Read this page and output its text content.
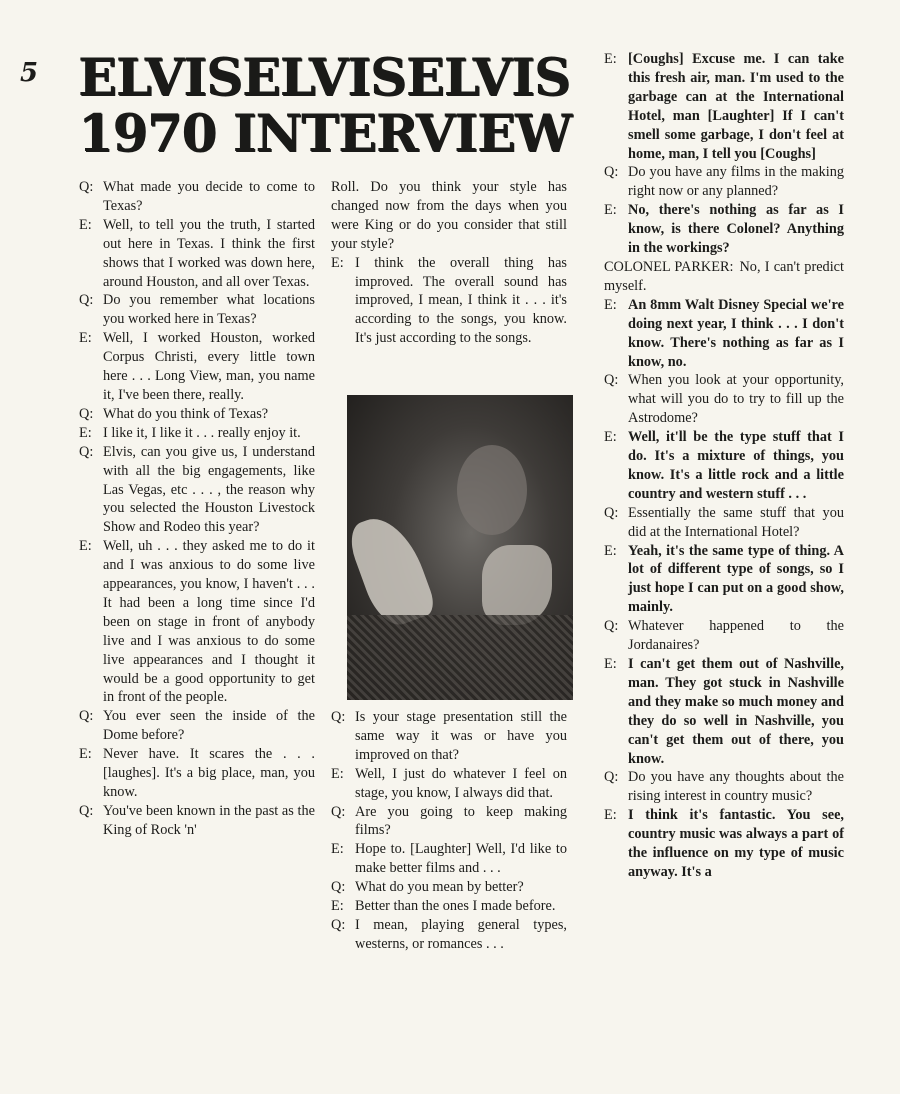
5 ELVISELVISELVIS
1970 INTERVIEW

Q: What made you decide to come to Texas?

E: Well, to tell you the truth, I started out here in Texas. I think the first shows that I worked was down here, around Houston, and all over Texas.

Q: Do you remember what locations you worked here in Texas?

E: Well, I worked Houston, worked Corpus Christi, every little town here . . . Long View, man, you name it, I've been there, really.

Q: What do you think of Texas?

E: I like it, I like it . . . really enjoy it.

Q: Elvis, can you give us, I understand with all the big engagements, like Las Vegas, etc . . . , the reason why you selected the Houston Livestock Show and Rodeo this year?

E: Well, uh . . . they asked me to do it and I was anxious to do some live appearances, you know, I haven't . . . It had been a long time since I'd been on stage in front of anybody live and I was anxious to do some live appearances and I thought it would be a good opportunity to get in front of the people.

Q: You ever seen the inside of the Dome before?

E: Never have. It scares the . . . [laughes]. It's a big place, man, you know.

Q: You've been known in the past as the King of Rock 'n'

Roll. Do you think your style has changed now from the days when you were King or do you consider that still your style?

E: I think the overall thing has improved. The overall sound has improved, I mean, I think it . . . it's according to the songs, you know. It's just according to the songs.

Q: Is your stage presentation still the same way it was or have you improved on that?

E: Well, I just do whatever I feel on stage, you know, I always did that.

Q: Are you going to keep making films?

E: Hope to. [Laughter] Well, I'd like to make better films and . . .

Q: What do you mean by better?

E: Better than the ones I made before.

Q: I mean, playing general types, westerns, or romances . . .

E: [Coughs] Excuse me. I can take this fresh air, man. I'm used to the garbage can at the International Hotel, man [Laughter] If I can't smell some garbage, I don't feel at home, man, I tell you [Coughs]

Q: Do you have any films in the making right now or any planned?

E: No, there's nothing as far as I know, is there Colonel? Anything in the workings?

COLONEL PARKER: No, I can't predict myself.

E: An 8mm Walt Disney Special we're doing next year, I think . . . I don't know. There's nothing as far as I know, no.

Q: When you look at your opportunity, what will you do to try to fill up the Astrodome?

E: Well, it'll be the type stuff that I do. It's a mixture of things, you know. It's a little rock and a little country and western stuff . . .

Q: Essentially the same stuff that you did at the International Hotel?

E: Yeah, it's the same type of thing. A lot of different type of songs, so I just hope I can put on a good show, mainly.

Q: Whatever happened to the Jordanaires?

E: I can't get them out of Nashville, man. They got stuck in Nashville and they make so much money and they do so well in Nashville, you can't get them out of there, you know.

Q: Do you have any thoughts about the rising interest in country music?

E: I think it's fantastic. You see, country music was always a part of the influence on my type of music anyway. It's a
